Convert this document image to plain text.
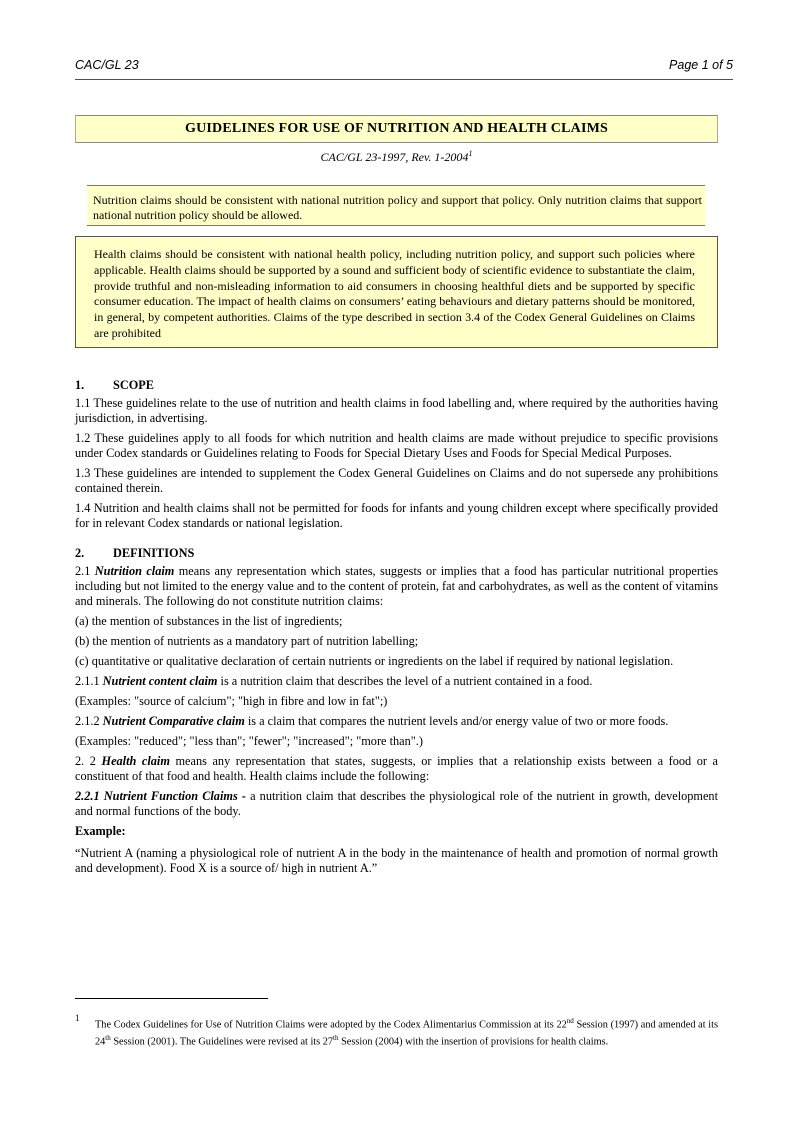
CAC/GL 23	Page 1 of 5
GUIDELINES FOR USE OF NUTRITION AND HEALTH CLAIMS
CAC/GL 23-1997, Rev. 1-2004$^1$
Nutrition claims should be consistent with national nutrition policy and support that policy. Only nutrition claims that support national nutrition policy should be allowed.
Health claims should be consistent with national health policy, including nutrition policy, and support such policies where applicable. Health claims should be supported by a sound and sufficient body of scientific evidence to substantiate the claim, provide truthful and non-misleading information to aid consumers in choosing healthful diets and be supported by specific consumer education. The impact of health claims on consumers’ eating behaviours and dietary patterns should be monitored, in general, by competent authorities. Claims of the type described in section 3.4 of the Codex General Guidelines on Claims are prohibited

1. SCOPE

1.1 These guidelines relate to the use of nutrition and health claims in food labelling and, where required by the authorities having jurisdiction, in advertising.

1.2 These guidelines apply to all foods for which nutrition and health claims are made without prejudice to specific provisions under Codex standards or Guidelines relating to Foods for Special Dietary Uses and Foods for Special Medical Purposes.

1.3 These guidelines are intended to supplement the Codex General Guidelines on Claims and do not supersede any prohibitions contained therein.

1.4 Nutrition and health claims shall not be permitted for foods for infants and young children except where specifically provided for in relevant Codex standards or national legislation.

2. DEFINITIONS

2.1 Nutrition claim means any representation which states, suggests or implies that a food has particular nutritional properties including but not limited to the energy value and to the content of protein, fat and carbohydrates, as well as the content of vitamins and minerals. The following do not constitute nutrition claims:

(a) the mention of substances in the list of ingredients;

(b) the mention of nutrients as a mandatory part of nutrition labelling;

(c) quantitative or qualitative declaration of certain nutrients or ingredients on the label if required by national legislation.

2.1.1 Nutrient content claim is a nutrition claim that describes the level of a nutrient contained in a food.

(Examples: "source of calcium"; "high in fibre and low in fat";)

2.1.2 Nutrient Comparative claim is a claim that compares the nutrient levels and/or energy value of two or more foods.

(Examples: "reduced"; "less than"; "fewer"; "increased"; "more than".)

2. 2 Health claim means any representation that states, suggests, or implies that a relationship exists between a food or a constituent of that food and health. Health claims include the following:

2.2.1 Nutrient Function Claims - a nutrition claim that describes the physiological role of the nutrient in growth, development and normal functions of the body.

Example:

“Nutrient A (naming a physiological role of nutrient A in the body in the maintenance of health and promotion of normal growth and development). Food X is a source of/ high in nutrient A.”

1
The Codex Guidelines for Use of Nutrition Claims were adopted by the Codex Alimentarius Commission at its 22nd Session (1997) and amended at its 24th Session (2001). The Guidelines were revised at its 27th Session (2004) with the insertion of provisions for health claims.
